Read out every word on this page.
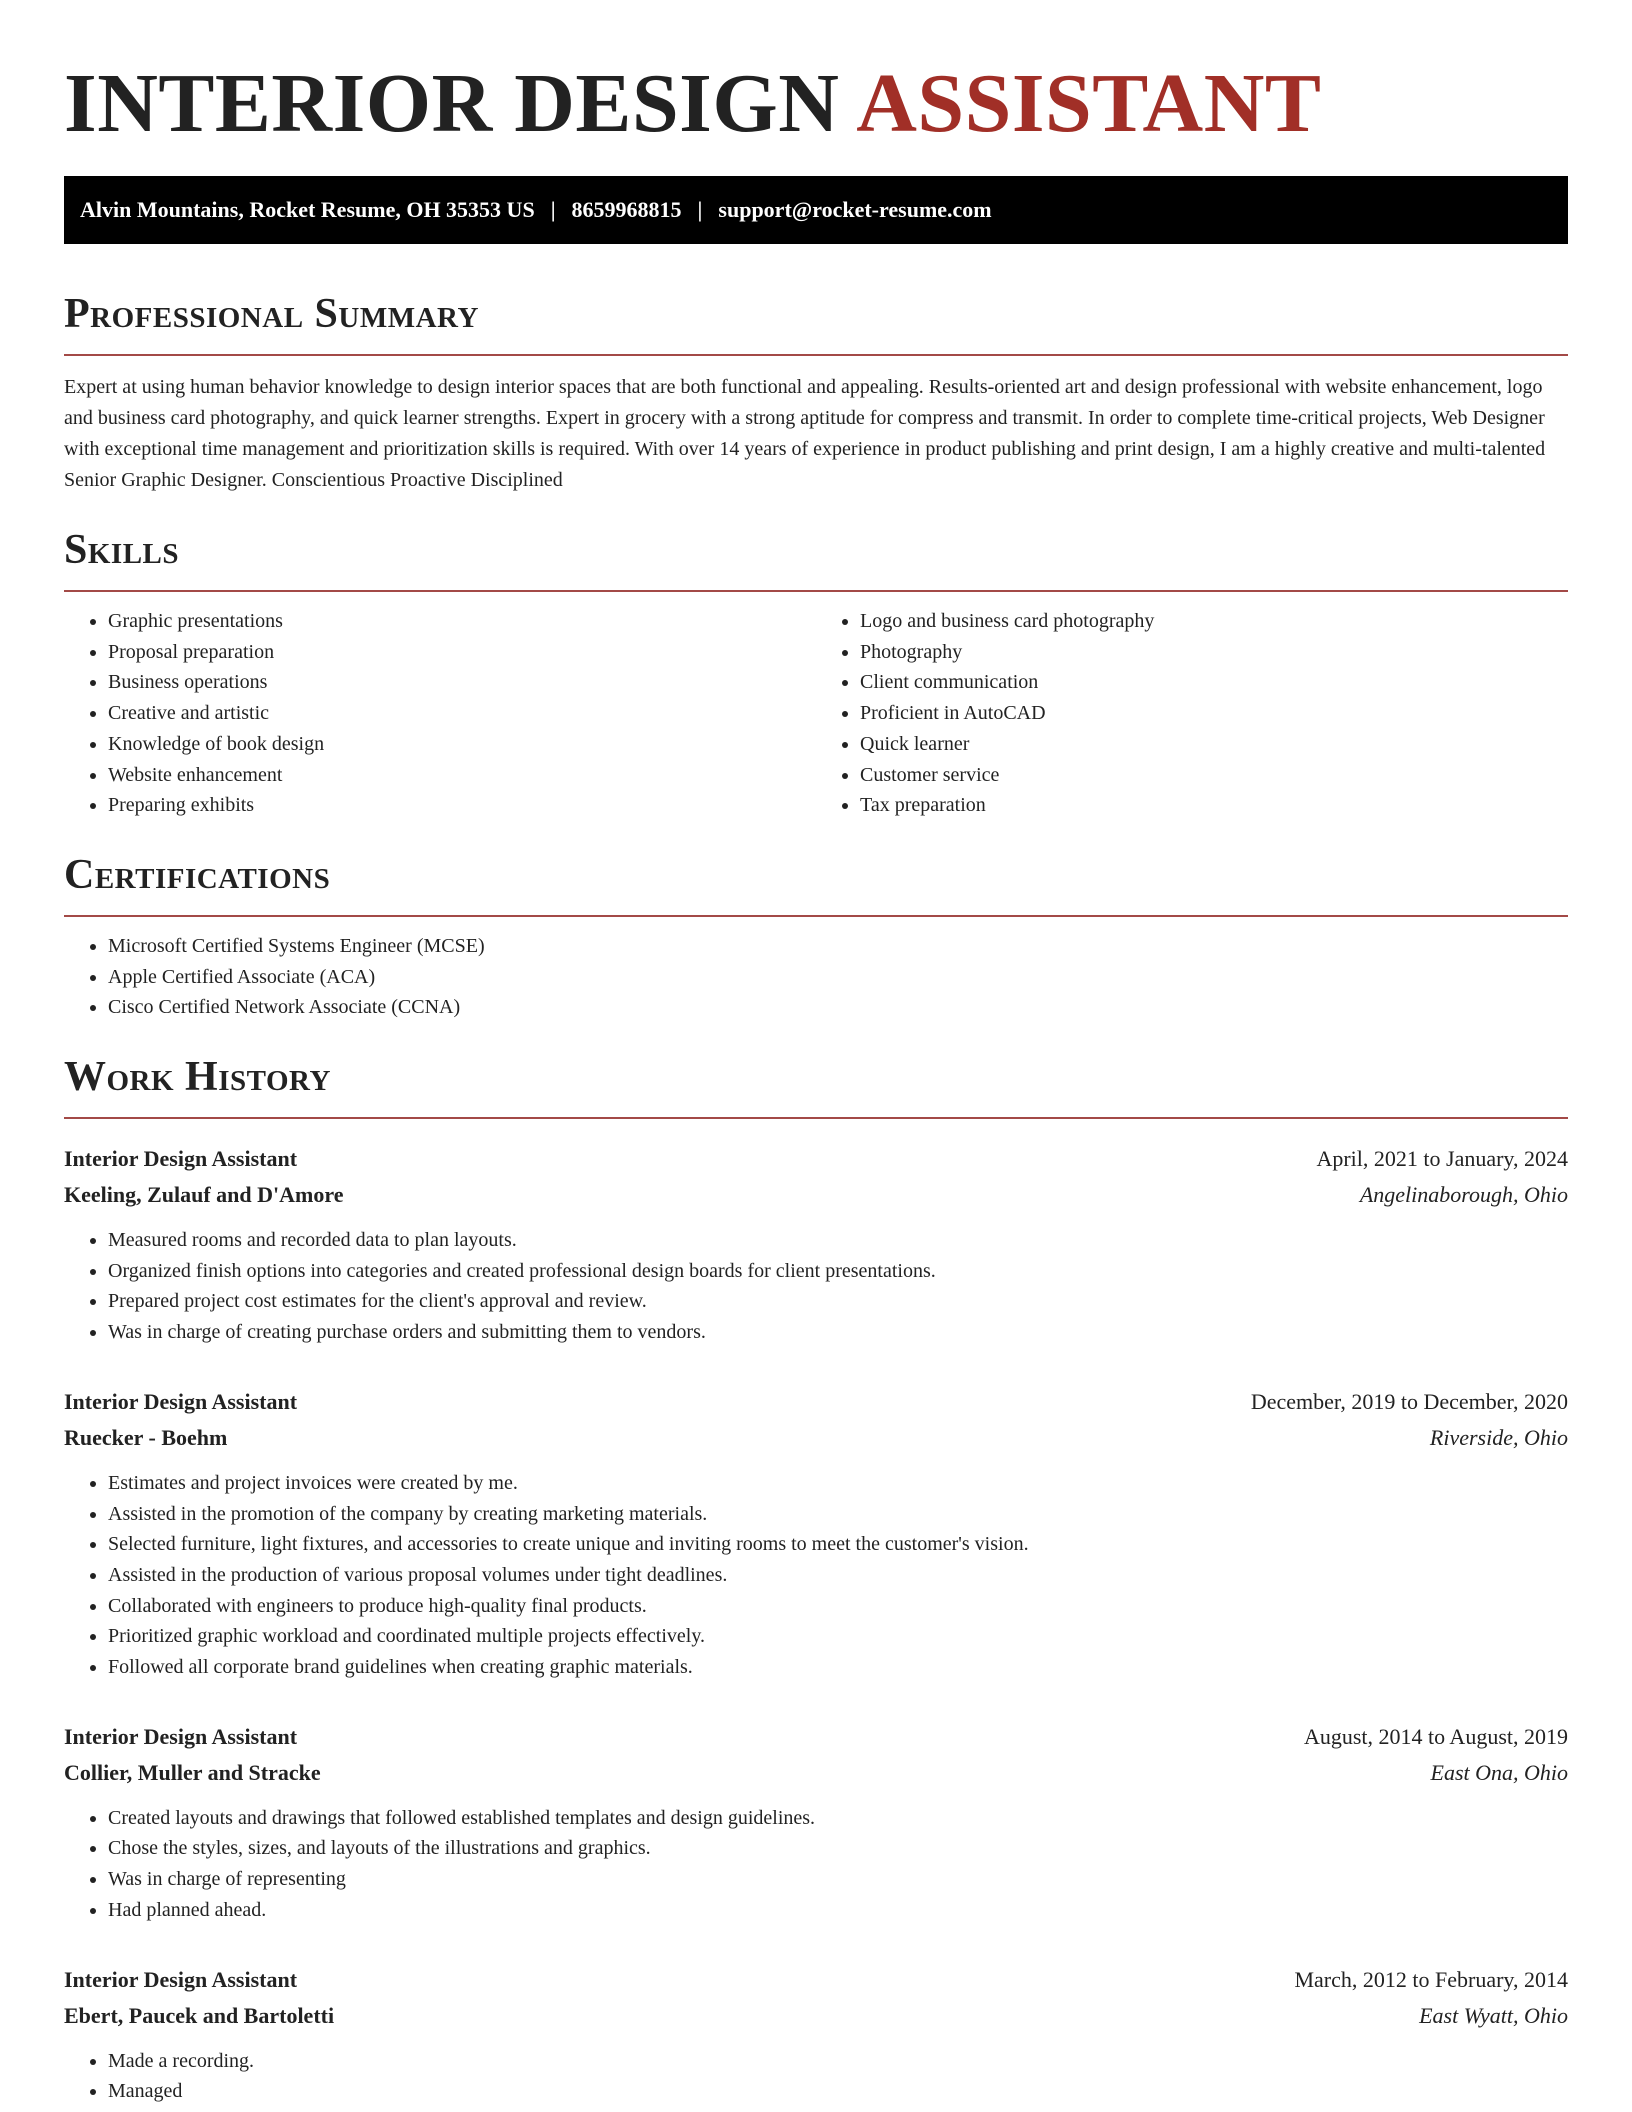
INTERIOR DESIGN ASSISTANT
Alvin Mountains, Rocket Resume, OH 35353 US | 8659968815 | support@rocket-resume.com
Professional Summary

Expert at using human behavior knowledge to design interior spaces that are both functional and appealing. Results-oriented art and design professional with website enhancement, logo and business card photography, and quick learner strengths. Expert in grocery with a strong aptitude for compress and transmit. In order to complete time-critical projects, Web Designer with exceptional time management and prioritization skills is required. With over 14 years of experience in product publishing and print design, I am a highly creative and multi-talented Senior Graphic Designer. Conscientious Proactive Disciplined

Skills
• Graphic presentations
• Proposal preparation
• Business operations
• Creative and artistic
• Knowledge of book design
• Website enhancement
• Preparing exhibits
• Logo and business card photography
• Photography
• Client communication
• Proficient in AutoCAD
• Quick learner
• Customer service
• Tax preparation
Certifications
• Microsoft Certified Systems Engineer (MCSE)
• Apple Certified Associate (ACA)
• Cisco Certified Network Associate (CCNA)
Work History
Interior Design Assistant	April, 2021 to January, 2024
Keeling, Zulauf and D'Amore	Angelinaborough, Ohio
• Measured rooms and recorded data to plan layouts.
• Organized finish options into categories and created professional design boards for client presentations.
• Prepared project cost estimates for the client's approval and review.
• Was in charge of creating purchase orders and submitting them to vendors.
Interior Design Assistant	December, 2019 to December, 2020
Ruecker - Boehm	Riverside, Ohio
• Estimates and project invoices were created by me.
• Assisted in the promotion of the company by creating marketing materials.
• Selected furniture, light fixtures, and accessories to create unique and inviting rooms to meet the customer's vision.
• Assisted in the production of various proposal volumes under tight deadlines.
• Collaborated with engineers to produce high-quality final products.
• Prioritized graphic workload and coordinated multiple projects effectively.
• Followed all corporate brand guidelines when creating graphic materials.
Interior Design Assistant	August, 2014 to August, 2019
Collier, Muller and Stracke	East Ona, Ohio
• Created layouts and drawings that followed established templates and design guidelines.
• Chose the styles, sizes, and layouts of the illustrations and graphics.
• Was in charge of representing
• Had planned ahead.
Interior Design Assistant	March, 2012 to February, 2014
Ebert, Paucek and Bartoletti	East Wyatt, Ohio
• Made a recording.
• Managed
